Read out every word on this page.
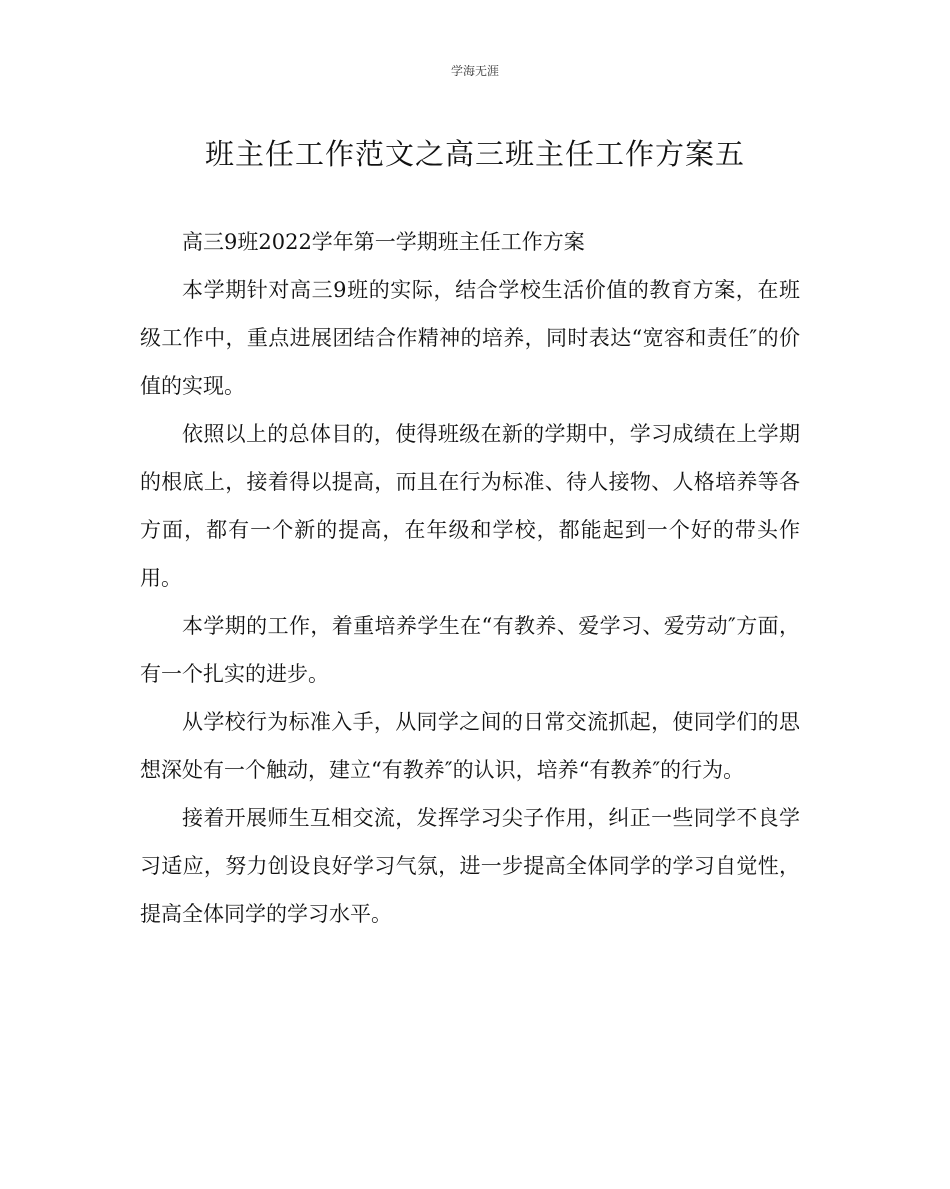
学海无涯
班主任工作范文之高三班主任工作方案五

高三9班2022学年第一学期班主任工作方案

本学期针对高三9班的实际，结合学校生活价值的教育方案，在班级工作中，重点进展团结合作精神的培养，同时表达“宽容和责任″的价值的实现。

依照以上的总体目的，使得班级在新的学期中，学习成绩在上学期的根底上，接着得以提高，而且在行为标准、待人接物、人格培养等各方面，都有一个新的提高，在年级和学校，都能起到一个好的带头作用。

本学期的工作，着重培养学生在“有教养、爱学习、爱劳动″方面，有一个扎实的进步。

从学校行为标准入手，从同学之间的日常交流抓起，使同学们的思想深处有一个触动，建立“有教养″的认识，培养“有教养″的行为。

接着开展师生互相交流，发挥学习尖子作用，纠正一些同学不良学习适应，努力创设良好学习气氛，进一步提高全体同学的学习自觉性，提高全体同学的学习水平。
